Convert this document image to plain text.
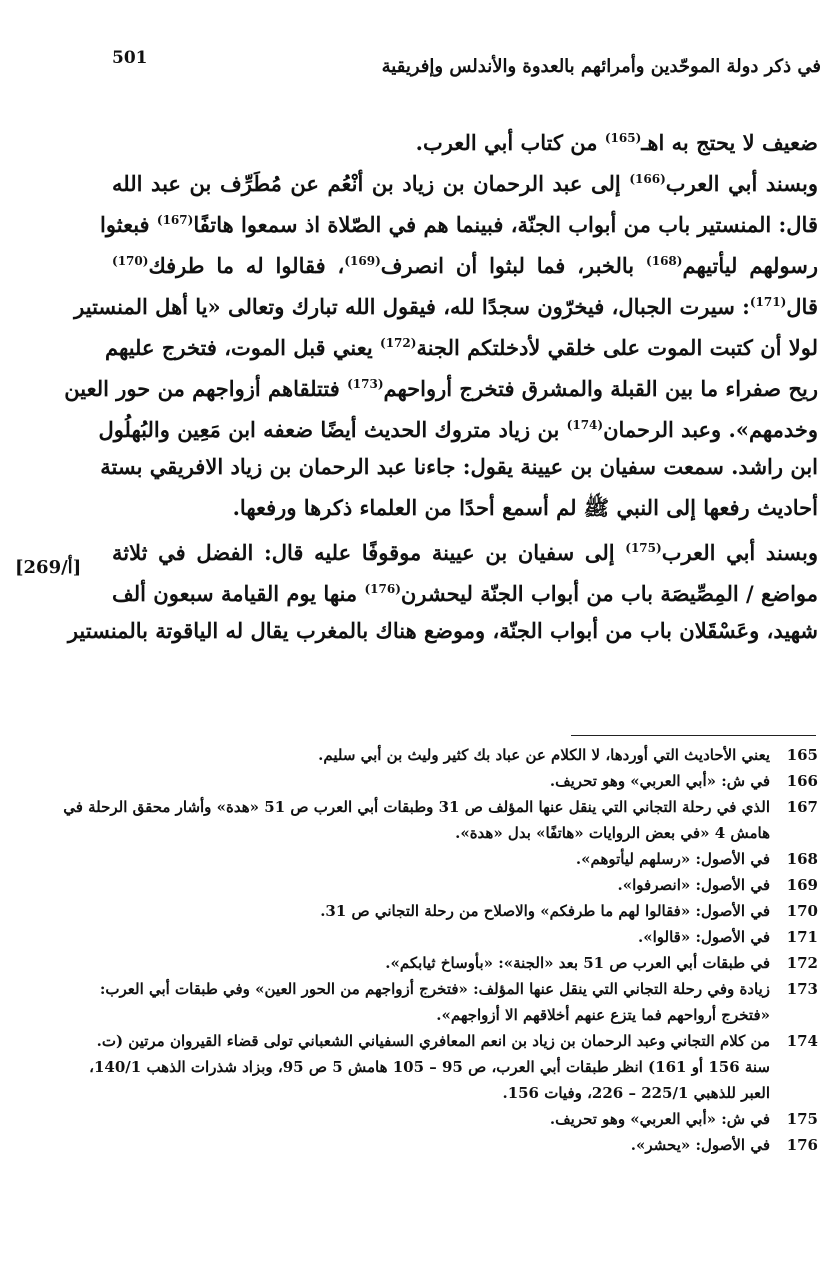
501	في ذكر دولة الموحّدين وأمرائهم بالعدوة والأندلس وإفريقية
ضعيف لا يحتج به اهـ$^{(165)}$ من كتاب أبي العرب.
وبسند أبي العرب$^{(166)}$ إلى عبد الرحمان بن زياد بن أنْعُم عن مُطَرِّف بن عبد الله
قال: المنستير باب من أبواب الجنّة، فبينما هم في الصّلاة اذ سمعوا هاتفًا$^{(167)}$ فبعثوا
رسولهم ليأتيهم$^{(168)}$ بالخبر، فما لبثوا أن انصرف$^{(169)}$، فقالوا له ما طرفك$^{(170)}$
قال$^{(171)}$: سيرت الجبال، فيخرّون سجدًا لله، فيقول الله تبارك وتعالى «يا أهل المنستير
لولا أن كتبت الموت على خلقي لأدخلتكم الجنة$^{(172)}$ يعني قبل الموت، فتخرج عليهم
ريح صفراء ما بين القبلة والمشرق فتخرج أرواحهم$^{(173)}$ فتتلقاهم أزواجهم من حور العين
وخدمهم». وعبد الرحمان$^{(174)}$ بن زياد متروك الحديث أيضًا ضعفه ابن مَعِين والبُهلُول
ابن راشد. سمعت سفيان بن عيينة يقول: جاءنا عبد الرحمان بن زياد الافريقي بستة
أحاديث رفعها إلى النبي ﷺ لم أسمع أحدًا من العلماء ذكرها ورفعها.
وبسند أبي العرب$^{(175)}$ إلى سفيان بن عيينة موقوفًا عليه قال: الفضل في ثلاثة
مواضع / المِصِّيصَة باب من أبواب الجنّة ليحشرن$^{(176)}$ منها يوم القيامة سبعون ألف
شهيد، وعَسْقَلان باب من أبواب الجنّة، وموضع هناك بالمغرب يقال له الياقوتة بالمنستير
[269/أ]
165
يعني الأحاديث التي أوردها، لا الكلام عن عباد بك كثير وليث بن أبي سليم.
166
في ش: «أبي العربي» وهو تحريف.
167
الذي في رحلة التجاني التي ينقل عنها المؤلف ص 31 وطبقات أبي العرب ص 51 «هدة» وأشار محقق الرحلة في
هامش 4 «في بعض الروايات «هاتفًا» بدل «هدة».
168
في الأصول: «رسلهم ليأتوهم».
169
في الأصول: «انصرفوا».
170
في الأصول: «فقالوا لهم ما طرفكم» والاصلاح من رحلة التجاني ص 31.
171
في الأصول: «قالوا».
172
في طبقات أبي العرب ص 51 بعد «الجنة»: «بأوساخ ثيابكم».
173
زيادة وفي رحلة التجاني التي ينقل عنها المؤلف: «فتخرج أزواجهم من الحور العين» وفي طبقات أبي العرب:
«فتخرج أرواحهم فما يتزع عنهم أخلاقهم الا أزواجهم».
174
من كلام التجاني وعبد الرحمان بن زياد بن انعم المعافري السفياني الشعباني تولى قضاء القيروان مرتين (ت.
سنة 156 أو 161) انظر طبقات أبي العرب، ص 95 – 105 هامش 5 ص 95، وبزاد شذرات الذهب 140/1،
العبر للذهبي 225/1 – 226، وفيات 156.
175
في ش: «أبي العربي» وهو تحريف.
176
في الأصول: «يحشر».
